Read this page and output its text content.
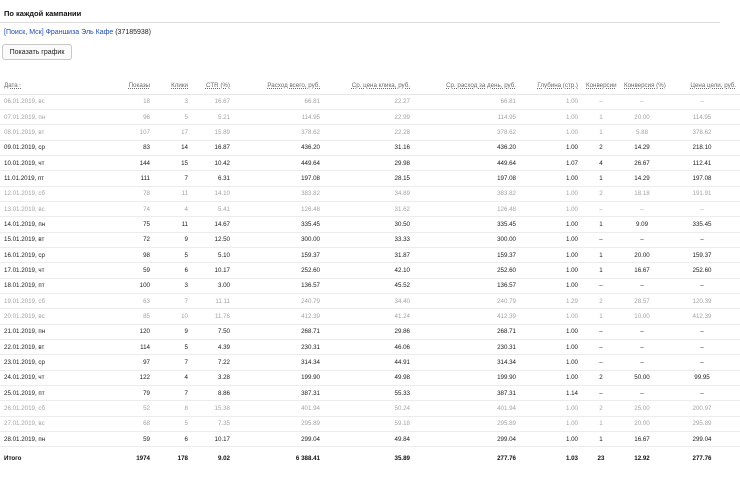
По каждой кампании
[Поиск, Мск] Франшиза Эль Кафе (37185938)
Показать график
Дата↑	Показы	Клики	CTR (%)	Расход всего, руб.	Ср. цена клика, руб.	Ср. расход за день, руб.	Глубина (стр.)	Конверсии	Конверсия (%)	Цена цели, руб.
06.01.2019, вс	18	3	16.67	66.81	22.27	66.81	1.00	–	–	–
07.01.2019, пн	96	5	5.21	114.95	22.99	114.95	1.00	1	20.00	114.95
08.01.2019, вт	107	17	15.89	378.62	22.28	378.62	1.00	1	5.88	378.62
09.01.2019, ср	83	14	16.87	436.20	31.16	436.20	1.00	2	14.29	218.10
10.01.2019, чт	144	15	10.42	449.64	29.98	449.64	1.07	4	26.67	112.41
11.01.2019, пт	111	7	6.31	197.08	28.15	197.08	1.00	1	14.29	197.08
12.01.2019, сб	78	11	14.10	383.82	34.89	383.82	1.00	2	18.18	191.91
13.01.2019, вс	74	4	5.41	126.48	31.62	126.48	1.00	–	–	–
14.01.2019, пн	75	11	14.67	335.45	30.50	335.45	1.00	1	9.09	335.45
15.01.2019, вт	72	9	12.50	300.00	33.33	300.00	1.00	–	–	–
16.01.2019, ср	98	5	5.10	159.37	31.87	159.37	1.00	1	20.00	159.37
17.01.2019, чт	59	6	10.17	252.60	42.10	252.60	1.00	1	16.67	252.60
18.01.2019, пт	100	3	3.00	136.57	45.52	136.57	1.00	–	–	–
19.01.2019, сб	63	7	11.11	240.79	34.40	240.79	1.29	2	28.57	120.39
20.01.2019, вс	85	10	11.76	412.39	41.24	412.39	1.00	1	10.00	412.39
21.01.2019, пн	120	9	7.50	268.71	29.86	268.71	1.00	–	–	–
22.01.2019, вт	114	5	4.39	230.31	46.06	230.31	1.00	–	–	–
23.01.2019, ср	97	7	7.22	314.34	44.91	314.34	1.00	–	–	–
24.01.2019, чт	122	4	3.28	199.90	49.98	199.90	1.00	2	50.00	99.95
25.01.2019, пт	79	7	8.86	387.31	55.33	387.31	1.14	–	–	–
26.01.2019, сб	52	8	15.38	401.94	50.24	401.94	1.00	2	25.00	200.97
27.01.2019, вс	68	5	7.35	295.89	59.18	295.89	1.00	1	20.00	295.89
28.01.2019, пн	59	6	10.17	299.04	49.84	299.04	1.00	1	16.67	299.04
Итого	1974	178	9.02	6 388.41	35.89	277.76	1.03	23	12.92	277.76
